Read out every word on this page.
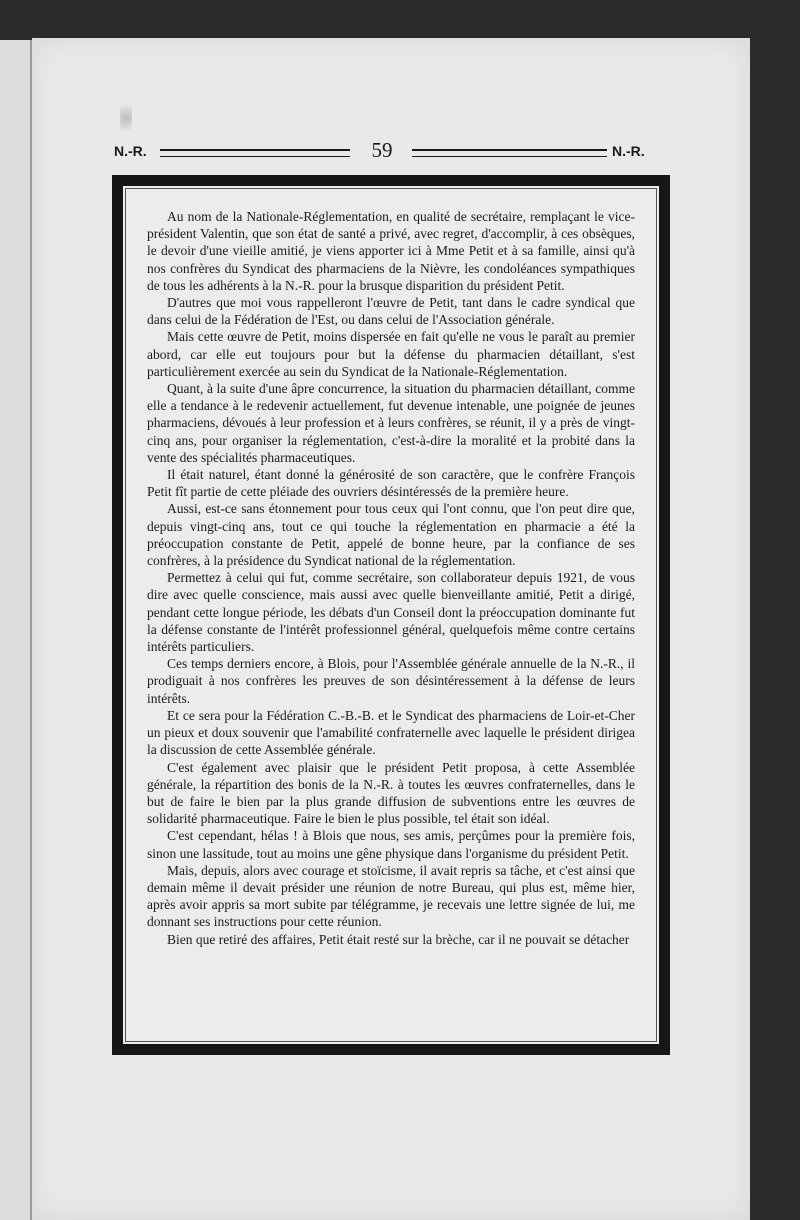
N.-R.	59	N.-R.

Au nom de la Nationale-Réglementation, en qualité de secrétaire, remplaçant le vice-président Valentin, que son état de santé a privé, avec regret, d'accomplir, à ces obsèques, le devoir d'une vieille amitié, je viens apporter ici à Mme Petit et à sa famille, ainsi qu'à nos confrères du Syndicat des pharmaciens de la Nièvre, les condoléances sympathiques de tous les adhérents à la N.-R. pour la brusque disparition du président Petit.

D'autres que moi vous rappelleront l'œuvre de Petit, tant dans le cadre syndical que dans celui de la Fédération de l'Est, ou dans celui de l'Association générale.

Mais cette œuvre de Petit, moins dispersée en fait qu'elle ne vous le paraît au premier abord, car elle eut toujours pour but la défense du pharmacien détaillant, s'est particulièrement exercée au sein du Syndicat de la Nationale-Réglementation.

Quant, à la suite d'une âpre concurrence, la situation du pharmacien détaillant, comme elle a tendance à le redevenir actuellement, fut devenue intenable, une poignée de jeunes pharmaciens, dévoués à leur profession et à leurs confrères, se réunit, il y a près de vingt-cinq ans, pour organiser la réglementation, c'est-à-dire la moralité et la probité dans la vente des spécialités pharmaceutiques.

Il était naturel, étant donné la générosité de son caractère, que le confrère François Petit fît partie de cette pléiade des ouvriers désintéressés de la première heure.

Aussi, est-ce sans étonnement pour tous ceux qui l'ont connu, que l'on peut dire que, depuis vingt-cinq ans, tout ce qui touche la réglementation en pharmacie a été la préoccupation constante de Petit, appelé de bonne heure, par la confiance de ses confrères, à la présidence du Syndicat national de la réglementation.

Permettez à celui qui fut, comme secrétaire, son collaborateur depuis 1921, de vous dire avec quelle conscience, mais aussi avec quelle bienveillante amitié, Petit a dirigé, pendant cette longue période, les débats d'un Conseil dont la préoccupation dominante fut la défense constante de l'intérêt professionnel général, quelquefois même contre certains intérêts particuliers.

Ces temps derniers encore, à Blois, pour l'Assemblée générale annuelle de la N.-R., il prodiguait à nos confrères les preuves de son désintéressement à la défense de leurs intérêts.

Et ce sera pour la Fédération C.-B.-B. et le Syndicat des pharmaciens de Loir-et-Cher un pieux et doux souvenir que l'amabilité confraternelle avec laquelle le président dirigea la discussion de cette Assemblée générale.

C'est également avec plaisir que le président Petit proposa, à cette Assemblée générale, la répartition des bonis de la N.-R. à toutes les œuvres confraternelles, dans le but de faire le bien par la plus grande diffusion de subventions entre les œuvres de solidarité pharmaceutique. Faire le bien le plus possible, tel était son idéal.

C'est cependant, hélas ! à Blois que nous, ses amis, perçûmes pour la première fois, sinon une lassitude, tout au moins une gêne physique dans l'organisme du président Petit.

Mais, depuis, alors avec courage et stoïcisme, il avait repris sa tâche, et c'est ainsi que demain même il devait présider une réunion de notre Bureau, qui plus est, même hier, après avoir appris sa mort subite par télégramme, je recevais une lettre signée de lui, me donnant ses instructions pour cette réunion.

Bien que retiré des affaires, Petit était resté sur la brèche, car il ne pouvait se détacher
